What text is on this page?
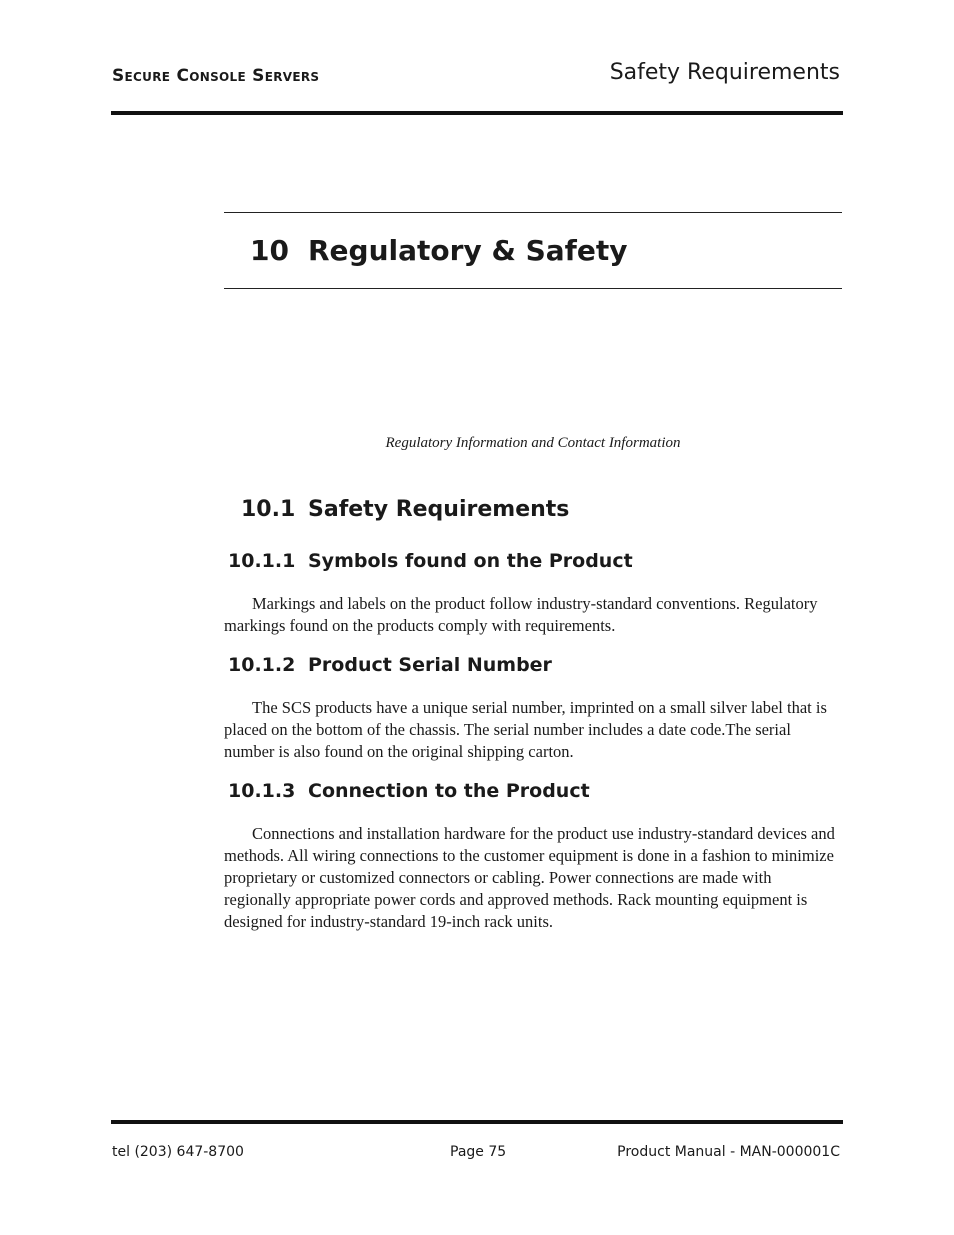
Secure Console Servers	Safety Requirements
10 Regulatory & Safety
Regulatory Information and Contact Information
10.1 Safety Requirements
10.1.1 Symbols found on the Product

Markings and labels on the product follow industry-standard conventions. Regulatory markings found on the products comply with requirements.

10.1.2 Product Serial Number

The SCS products have a unique serial number, imprinted on a small silver label that is placed on the bottom of the chassis. The serial number includes a date code.The serial number is also found on the original shipping carton.

10.1.3 Connection to the Product

Connections and installation hardware for the product use industry-standard devices and methods. All wiring connections to the customer equipment is done in a fashion to minimize proprietary or customized connectors or cabling. Power connections are made with regionally appropriate power cords and approved methods. Rack mounting equipment is designed for industry-standard 19-inch rack units.

tel (203) 647-8700	Page 75	Product Manual - MAN-000001C
